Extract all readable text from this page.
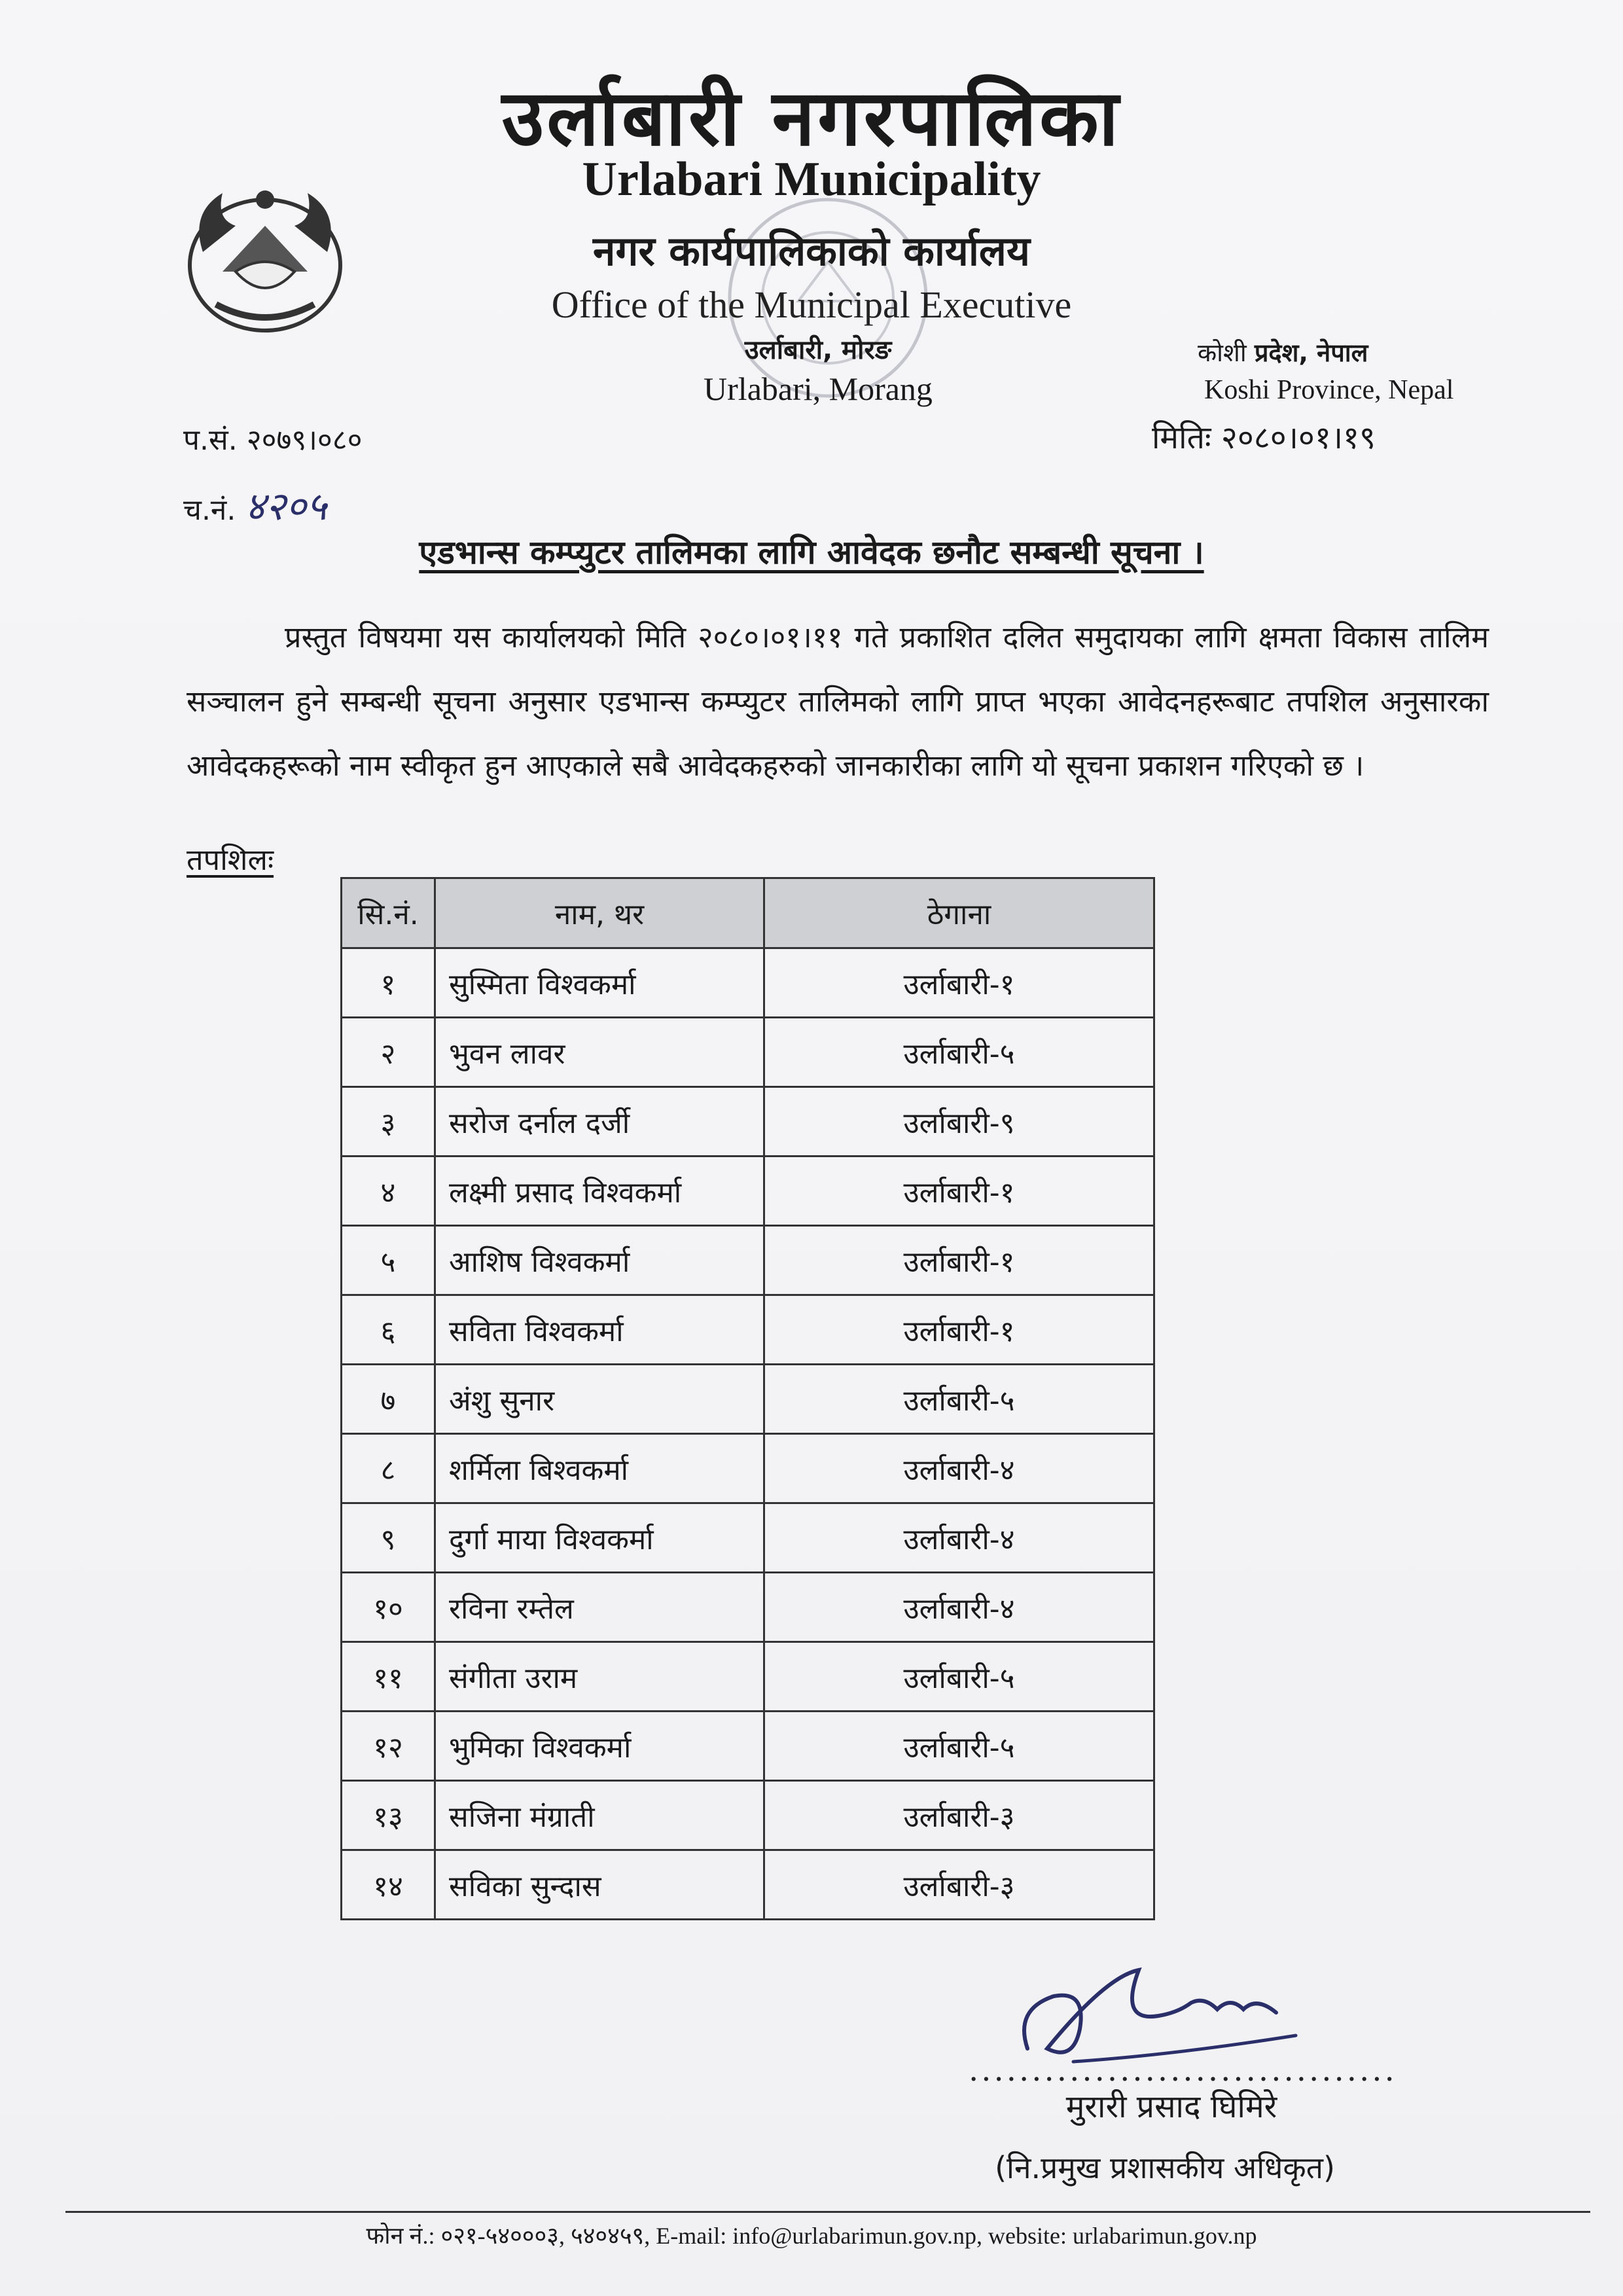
उर्लाबारी नगरपालिका
Urlabari Municipality
नगर कार्यपालिकाको कार्यालय
Office of the Municipal Executive
उर्लाबारी, मोरङ
Urlabari, Morang
कोशी प्रदेश, नेपाल
Koshi Province, Nepal
प.सं. २०७९।०८०	मितिः २०८०।०१।१९
च.नं. ४२०५
एडभान्स कम्प्युटर तालिमका लागि आवेदक छनौट सम्बन्धी सूचना ।
प्रस्तुत विषयमा यस कार्यालयको मिति २०८०।०१।११ गते प्रकाशित दलित समुदायका लागि क्षमता विकास तालिम सञ्चालन हुने सम्बन्धी सूचना अनुसार एडभान्स कम्प्युटर तालिमको लागि प्राप्त भएका आवेदनहरूबाट तपशिल अनुसारका आवेदकहरूको नाम स्वीकृत हुन आएकाले सबै आवेदकहरुको जानकारीका लागि यो सूचना प्रकाशन गरिएको छ ।
तपशिलः
सि.नं.	नाम, थर	ठेगाना
१	सुस्मिता विश्वकर्मा	उर्लाबारी-१
२	भुवन लावर	उर्लाबारी-५
३	सरोज दर्नाल दर्जी	उर्लाबारी-९
४	लक्ष्मी प्रसाद विश्वकर्मा	उर्लाबारी-१
५	आशिष विश्वकर्मा	उर्लाबारी-१
६	सविता विश्वकर्मा	उर्लाबारी-१
७	अंशु सुनार	उर्लाबारी-५
८	शर्मिला बिश्वकर्मा	उर्लाबारी-४
९	दुर्गा माया विश्वकर्मा	उर्लाबारी-४
१०	रविना रम्तेल	उर्लाबारी-४
११	संगीता उराम	उर्लाबारी-५
१२	भुमिका विश्वकर्मा	उर्लाबारी-५
१३	सजिना मंग्राती	उर्लाबारी-३
१४	सविका सुन्दास	उर्लाबारी-३
..................................
मुरारी प्रसाद घिमिरे
(नि.प्रमुख प्रशासकीय अधिकृत)
फोन नं.: ०२१-५४०००३, ५४०४५९, E-mail: info@urlabarimun.gov.np, website: urlabarimun.gov.np
